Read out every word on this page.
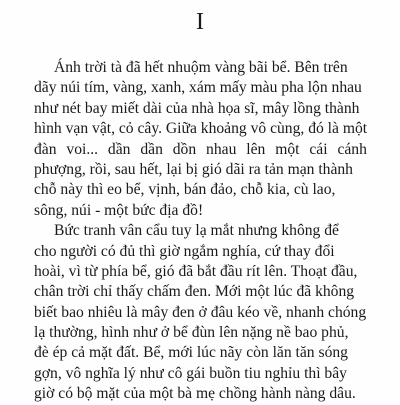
I
Ánh trời tà đã hết nhuộm vàng bãi bể. Bên trên
dãy núi tím, vàng, xanh, xám mấy màu pha lộn nhau
như nét bay miết dài của nhà họa sĩ, mây lồng thành
hình vạn vật, cỏ cây. Giữa khoảng vô cùng, đó là một
đàn voi... dần dần dồn nhau lên một cái cánh
phượng, rồi, sau hết, lại bị gió dãi ra tản mạn thành
chỗ này thì eo bể, vịnh, bán đảo, chỗ kia, cù lao,
sông, núi - một bức địa đồ!
Bức tranh vân cẩu tuy lạ mắt nhưng không để
cho người có đủ thì giờ ngắm nghía, cứ thay đổi
hoài, vì từ phía bể, gió đã bắt đầu rít lên. Thoạt đầu,
chân trời chỉ thấy chấm đen. Mới một lúc đã không
biết bao nhiêu là mây đen ở đâu kéo về, nhanh chóng
lạ thường, hình như ở bể đùn lên nặng nề bao phủ,
đè ép cả mặt đất. Bể, mới lúc nãy còn lăn tăn sóng
gợn, vô nghĩa lý như cô gái buồn tiu nghỉu thì bây
giờ có bộ mặt của một bà mẹ chồng hành nàng dâu.
